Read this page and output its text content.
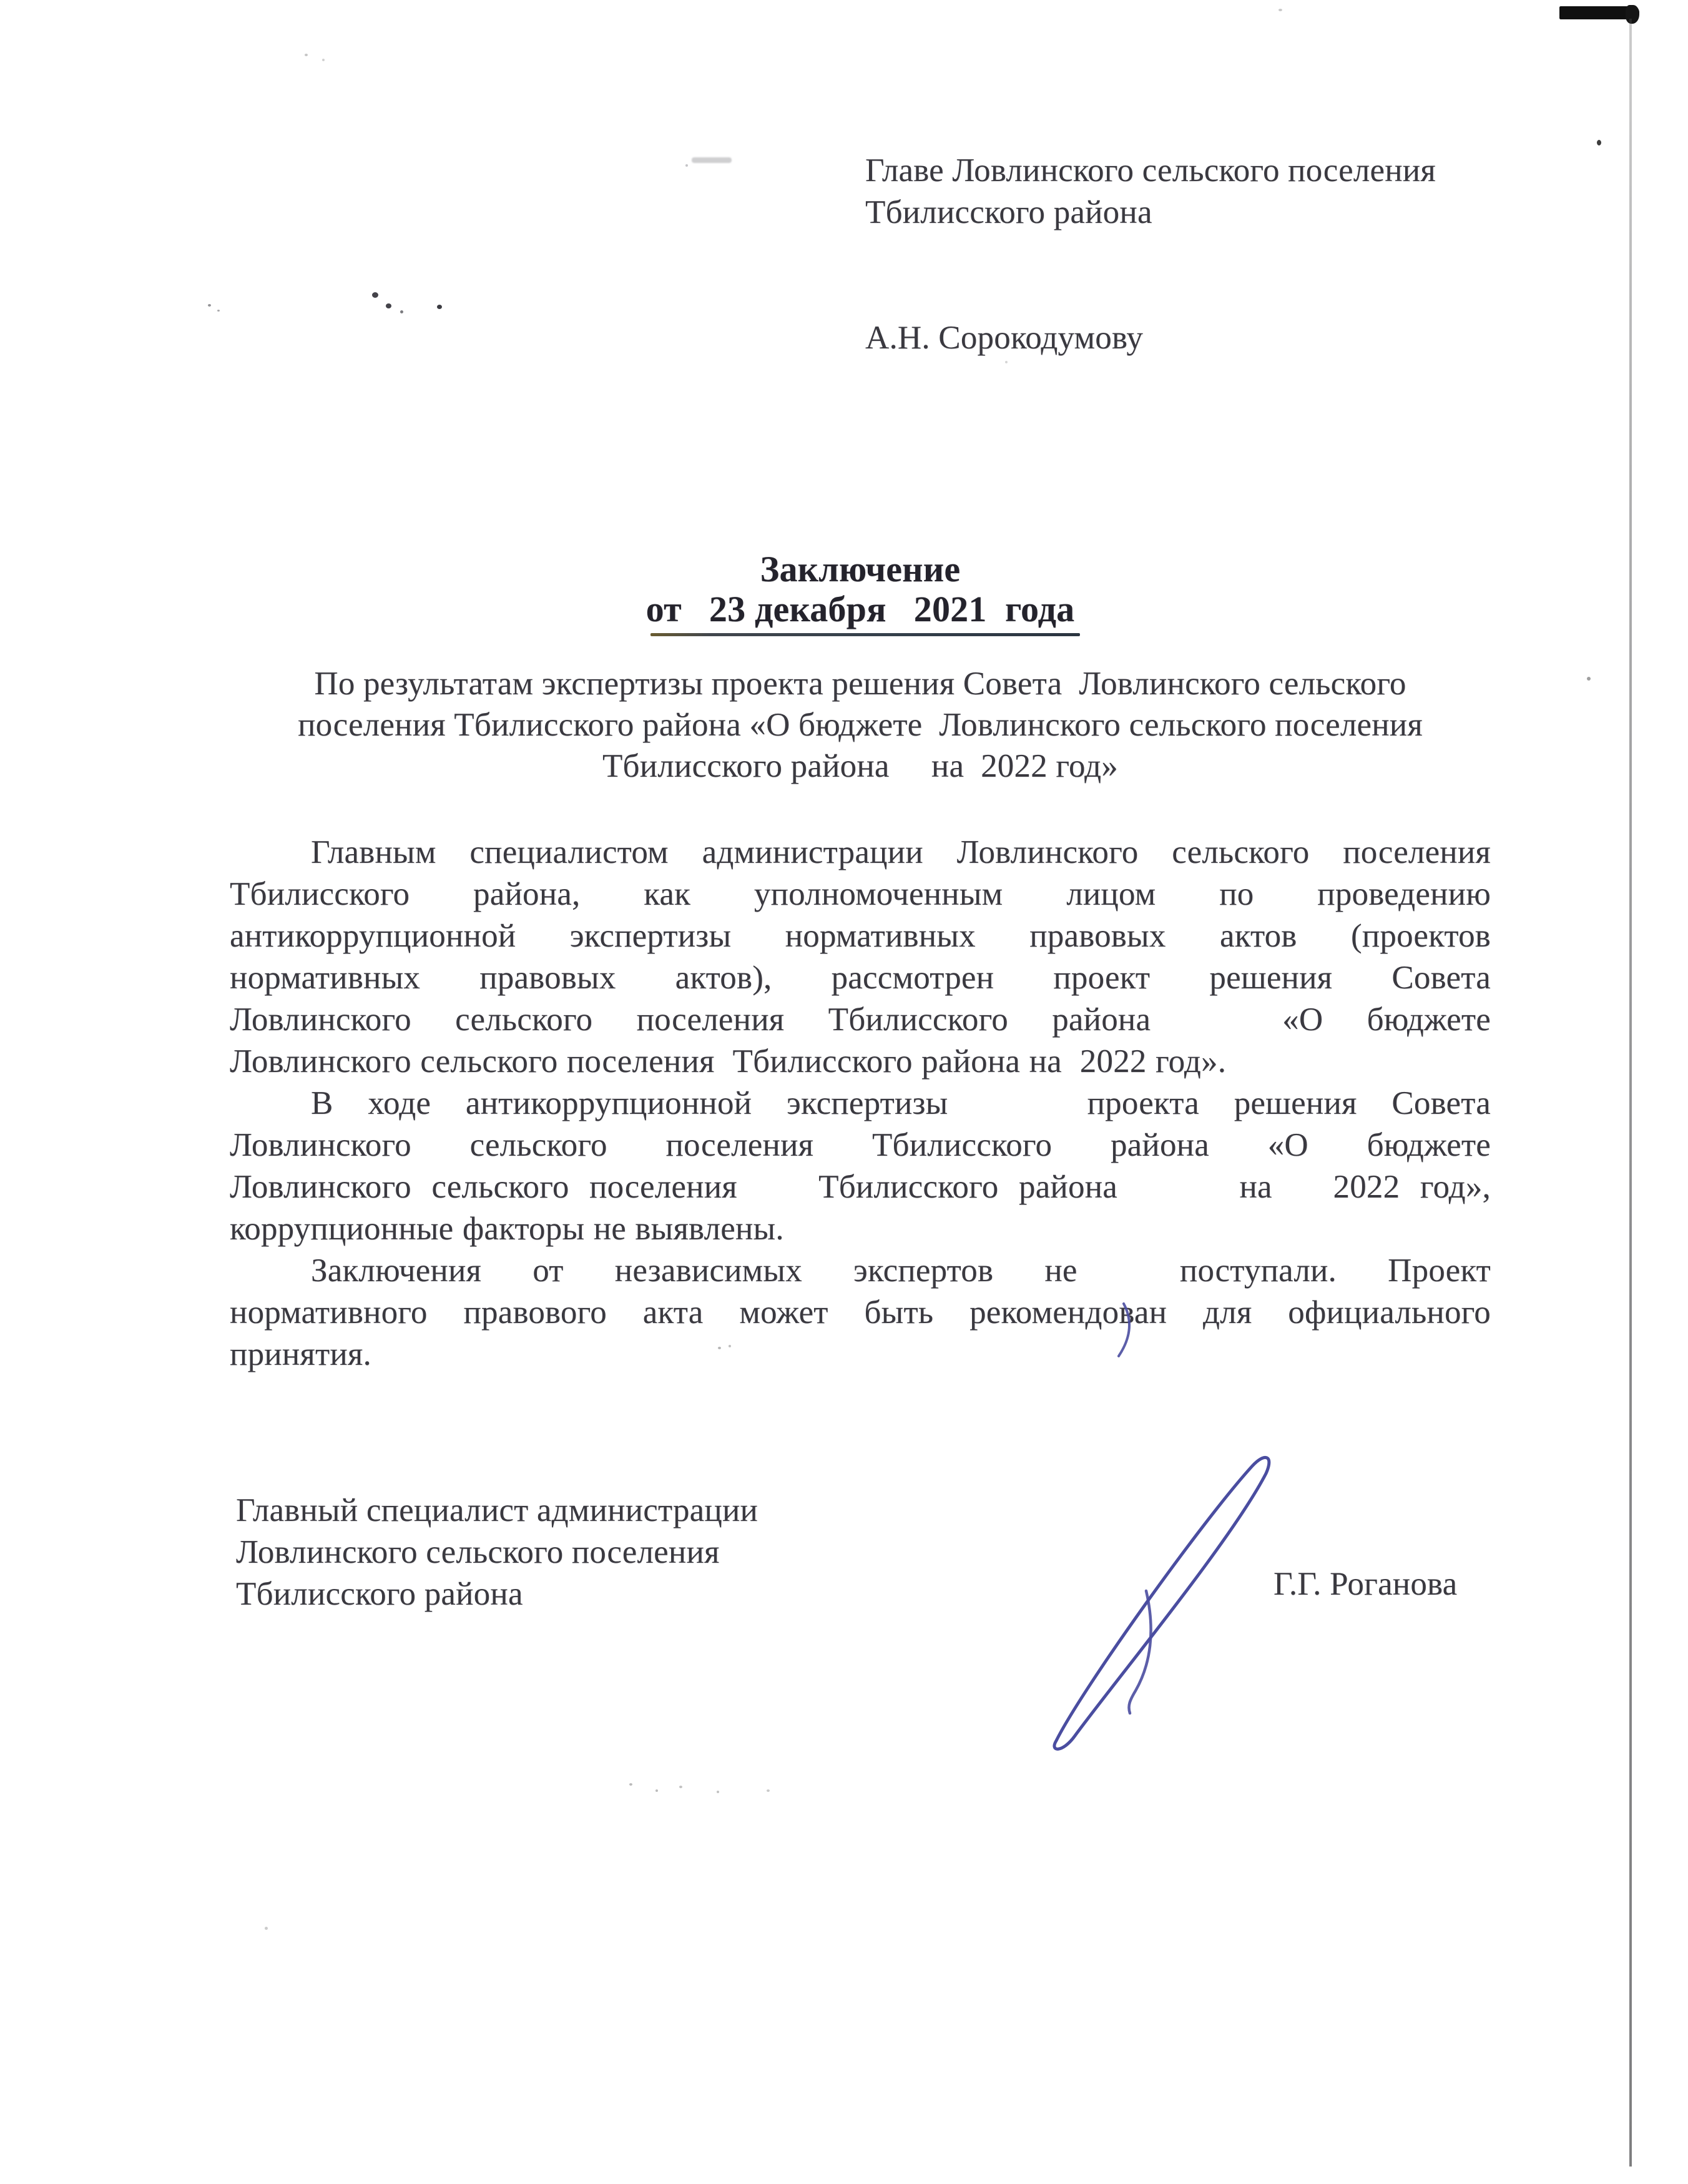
Главе Ловлинского сельского поселения
Тбилисского района
А.Н. Сорокодумову
Заключение
от   23 декабря   2021  года
По результатам экспертизы проекта решения Совета  Ловлинского сельского
поселения Тбилисского района «О бюджете  Ловлинского сельского поселения
Тбилисского района     на  2022 год»
Главным специалистом администрации Ловлинского сельского поселения
Тбилисского района, как уполномоченным лицом по проведению
антикоррупционной экспертизы нормативных правовых актов (проектов
нормативных правовых актов), рассмотрен проект решения Совета
Ловлинского сельского поселения Тбилисского района   «О бюджете
Ловлинского сельского поселения  Тбилисского района на  2022 год».
В ходе антикоррупционной экспертизы    проекта решения Совета
Ловлинского сельского поселения Тбилисского района «О бюджете
Ловлинского сельского поселения    Тбилисского района      на   2022 год»,
коррупционные факторы не выявлены.
Заключения от независимых экспертов не  поступали. Проект
нормативного правового акта может быть рекомендован для официального
принятия.
Главный специалист администрации
Ловлинского сельского поселения
Тбилисского района	Г.Г. Роганова
